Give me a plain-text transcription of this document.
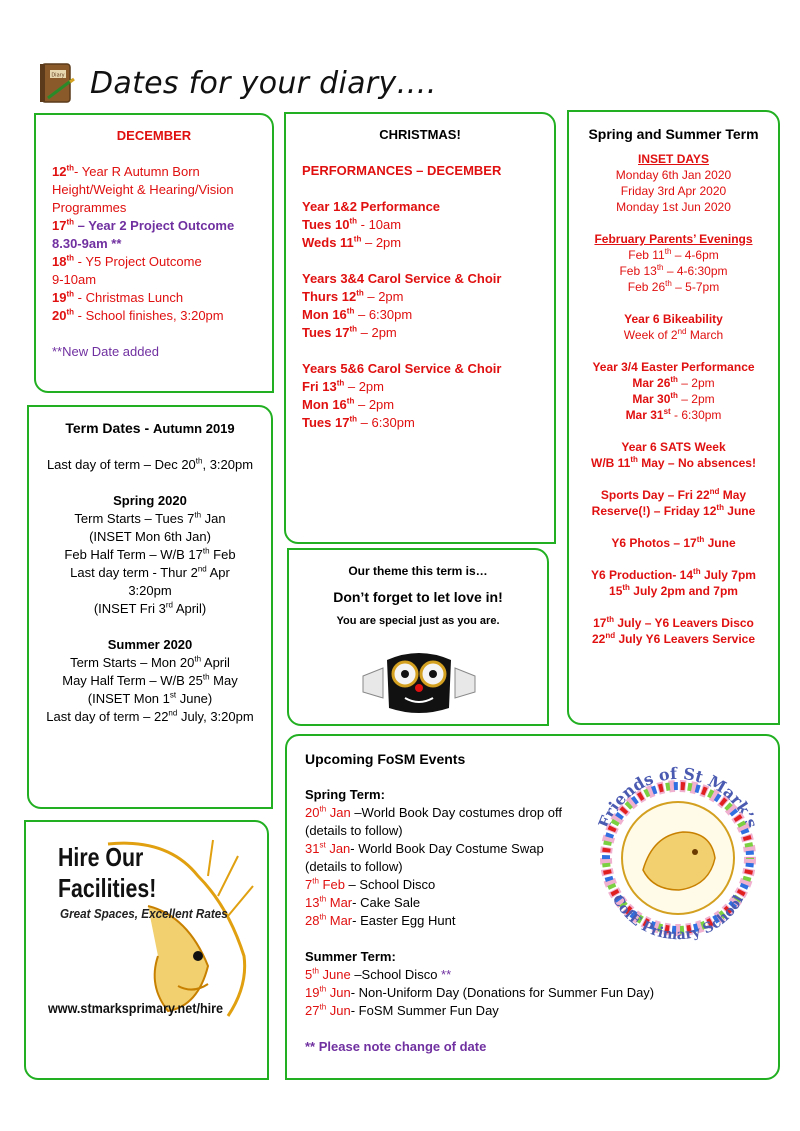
Diary Dates for your diary….
DECEMBER
12th- Year R Autumn Born
Height/Weight & Hearing/Vision
Programmes
17th – Year 2 Project Outcome
8.30-9am **
18th - Y5 Project Outcome
9-10am
19th - Christmas Lunch
20th - School finishes, 3:20pm
**New Date added
CHRISTMAS!
PERFORMANCES – DECEMBER
Year 1&2 Performance
Tues 10th - 10am
Weds 11th – 2pm
Years 3&4 Carol Service & Choir
Thurs 12th – 2pm
Mon 16th – 6:30pm
Tues 17th – 2pm
Years 5&6 Carol Service & Choir
Fri 13th – 2pm
Mon 16th – 2pm
Tues 17th – 6:30pm
Spring and Summer Term
INSET DAYS
Monday 6th Jan 2020
Friday 3rd Apr 2020
Monday 1st Jun 2020
February Parents’ Evenings
Feb 11th – 4-6pm
Feb 13th – 4-6:30pm
Feb 26th – 5-7pm
Year 6 Bikeability
Week of 2nd March
Year 3/4 Easter Performance
Mar 26th – 2pm
Mar 30th – 2pm
Mar 31st - 6:30pm
Year 6 SATS Week
W/B 11th May – No absences!
Sports Day – Fri 22nd May
Reserve(!) – Friday 12th June
Y6 Photos – 17th June
Y6 Production- 14th July 7pm
15th July 2pm and 7pm
17th July – Y6 Leavers Disco
22nd July Y6 Leavers Service
Term Dates - Autumn 2019
Last day of term – Dec 20th, 3:20pm
Spring 2020
Term Starts – Tues 7th Jan
(INSET Mon 6th Jan)
Feb Half Term – W/B 17th Feb
Last day term - Thur 2nd Apr
3:20pm
(INSET Fri 3rd April)
Summer 2020
Term Starts – Mon 20th April
May Half Term – W/B 25th May
(INSET Mon 1st June)
Last day of term – 22nd July, 3:20pm
Our theme this term is…
Don’t forget to let love in!
You are special just as you are.
Hire Our Facilities!
Great Spaces, Excellent Rates
www.stmarksprimary.net/hire
Upcoming FoSM Events
Spring Term:
20th Jan –World Book Day costumes drop off
(details to follow)
31st Jan- World Book Day Costume Swap
(details to follow)
7th Feb – School Disco
13th Mar- Cake Sale
28th Mar- Easter Egg Hunt
Summer Term:
5th June –School Disco **
19th Jun- Non-Uniform Day (Donations for Summer Fun Day)
27th Jun- FoSM Summer Fun Day
** Please note change of date
Friends of St Mark’s
CofE Primary School
